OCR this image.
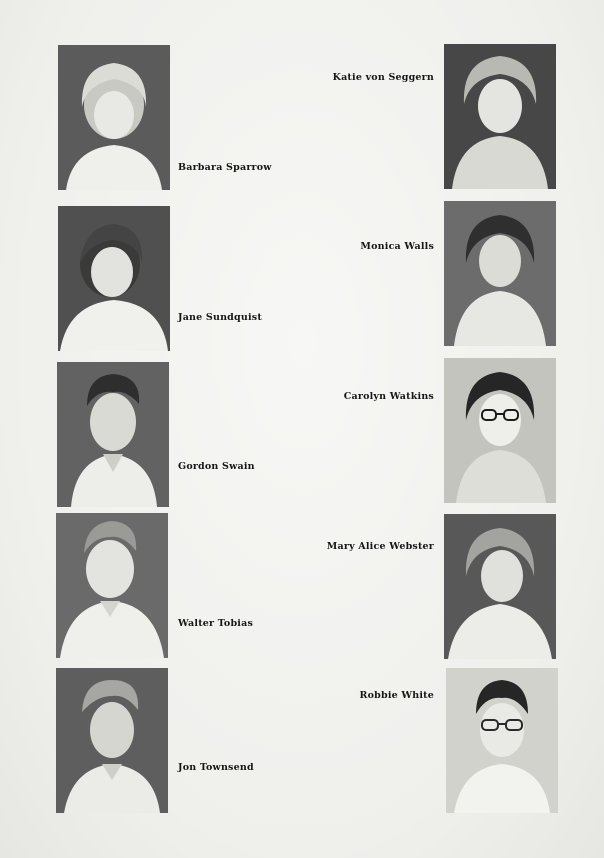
Barbara Sparrow
Jane Sundquist
Gordon Swain
Walter Tobias
Jon Townsend
Katie von Seggern
Monica Walls
Carolyn Watkins
Mary Alice Webster
Robbie White
